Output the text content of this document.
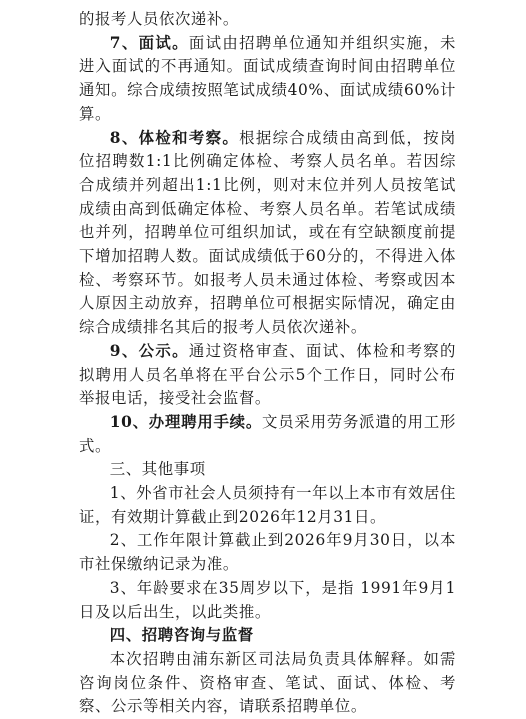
的报考人员依次递补。

7、面试。面试由招聘单位通知并组织实施，未进入面试的不再通知。面试成绩查询时间由招聘单位通知。综合成绩按照笔试成绩40%、面试成绩60%计算。

8、体检和考察。根据综合成绩由高到低，按岗位招聘数1:1比例确定体检、考察人员名单。若因综合成绩并列超出1:1比例，则对末位并列人员按笔试成绩由高到低确定体检、考察人员名单。若笔试成绩也并列，招聘单位可组织加试，或在有空缺额度前提下增加招聘人数。面试成绩低于60分的，不得进入体检、考察环节。如报考人员未通过体检、考察或因本人原因主动放弃，招聘单位可根据实际情况，确定由综合成绩排名其后的报考人员依次递补。

9、公示。通过资格审查、面试、体检和考察的拟聘用人员名单将在平台公示5个工作日，同时公布举报电话，接受社会监督。

10、办理聘用手续。文员采用劳务派遣的用工形式。

三、其他事项

1、外省市社会人员须持有一年以上本市有效居住证，有效期计算截止到2026年12月31日。

2、工作年限计算截止到2026年9月30日，以本市社保缴纳记录为准。

3、年龄要求在35周岁以下，是指 1991年9月1日及以后出生，以此类推。

四、招聘咨询与监督

本次招聘由浦东新区司法局负责具体解释。如需咨询岗位条件、资格审查、笔试、面试、体检、考察、公示等相关内容，请联系招聘单位。
